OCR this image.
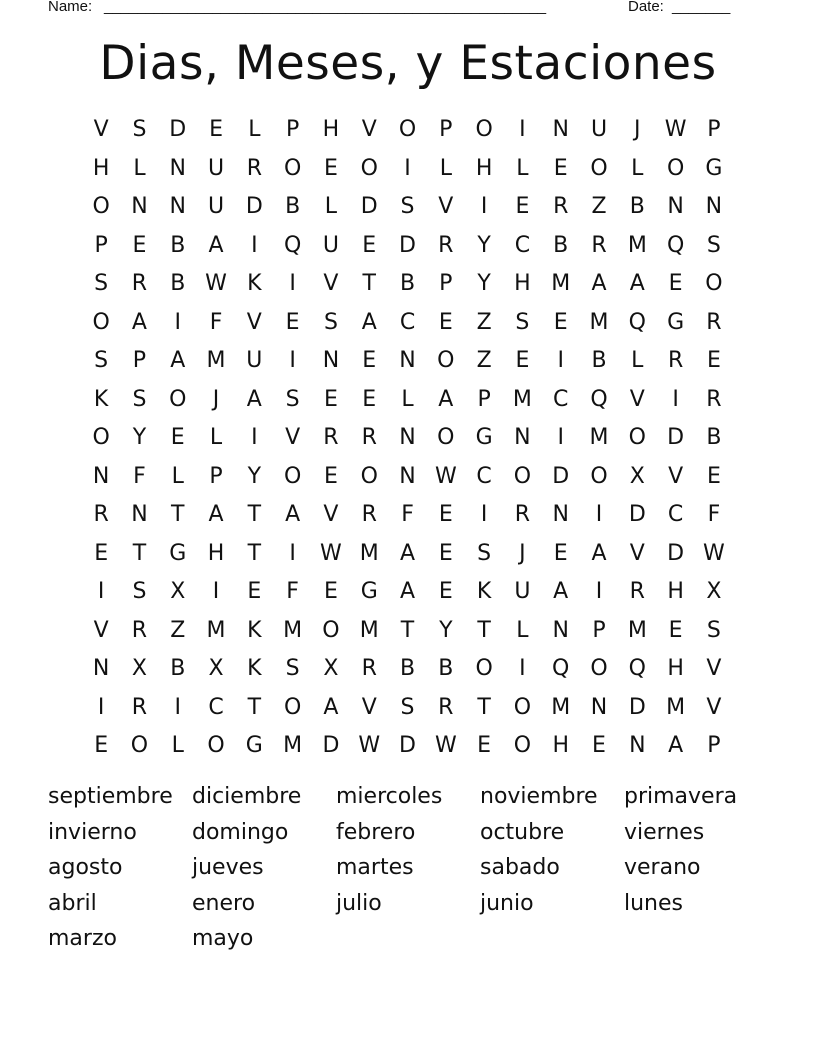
Name: _____________________________________________________	Date: _______
Dias, Meses, y Estaciones
V	S	D	E	L	P	H	V	O	P	O	I	N	U	J	W P
H	L	N	U	R O	E	O	I	L	H	L	E	O	L	O G
O N N	U D	B	L	D	S	V	I	E	R	Z	B	N N
P	E	B	A	I	Q U	E	D	R	Y	C	B	R M Q	S
S	R	B W K	I	V	T	B	P	Y	H M A	A	E	O
O	A	I	F	V	E	S	A	C	E	Z	S	E M Q G	R
S	P	A M U	I	N	E	N O	Z	E	I	B	L	R	E
K	S	O	J	A	S	E	E	L	A	P	M C Q	V	I	R
O	Y	E	L	I	V	R	R	N O G N	I	M O D	B
N	F	L	P	Y	O	E	O N W C O D O	X	V	E
R	N	T	A	T	A	V	R	F	E	I	R	N	I	D	C	F
E	T	G H	T	I	W M A	E	S	J	E	A	V	D W
I	S	X	I	E	F	E	G	A	E	K	U	A	I	R	H	X
V	R	Z M K M O M	T	Y	T	L	N	P	M E	S
N	X	B	X	K	S	X	R	B	B	O	I	Q O Q H	V
I	R	I	C	T	O	A	V	S	R	T	O M N D M V
E	O	L	O G M D W D W E	O H	E	N	A	P
septiembre diciembre	miercoles	noviembre	primavera
invierno	domingo	febrero	octubre	viernes
agosto	jueves	martes	sabado	verano
abril	enero	julio	junio	lunes
marzo	mayo
